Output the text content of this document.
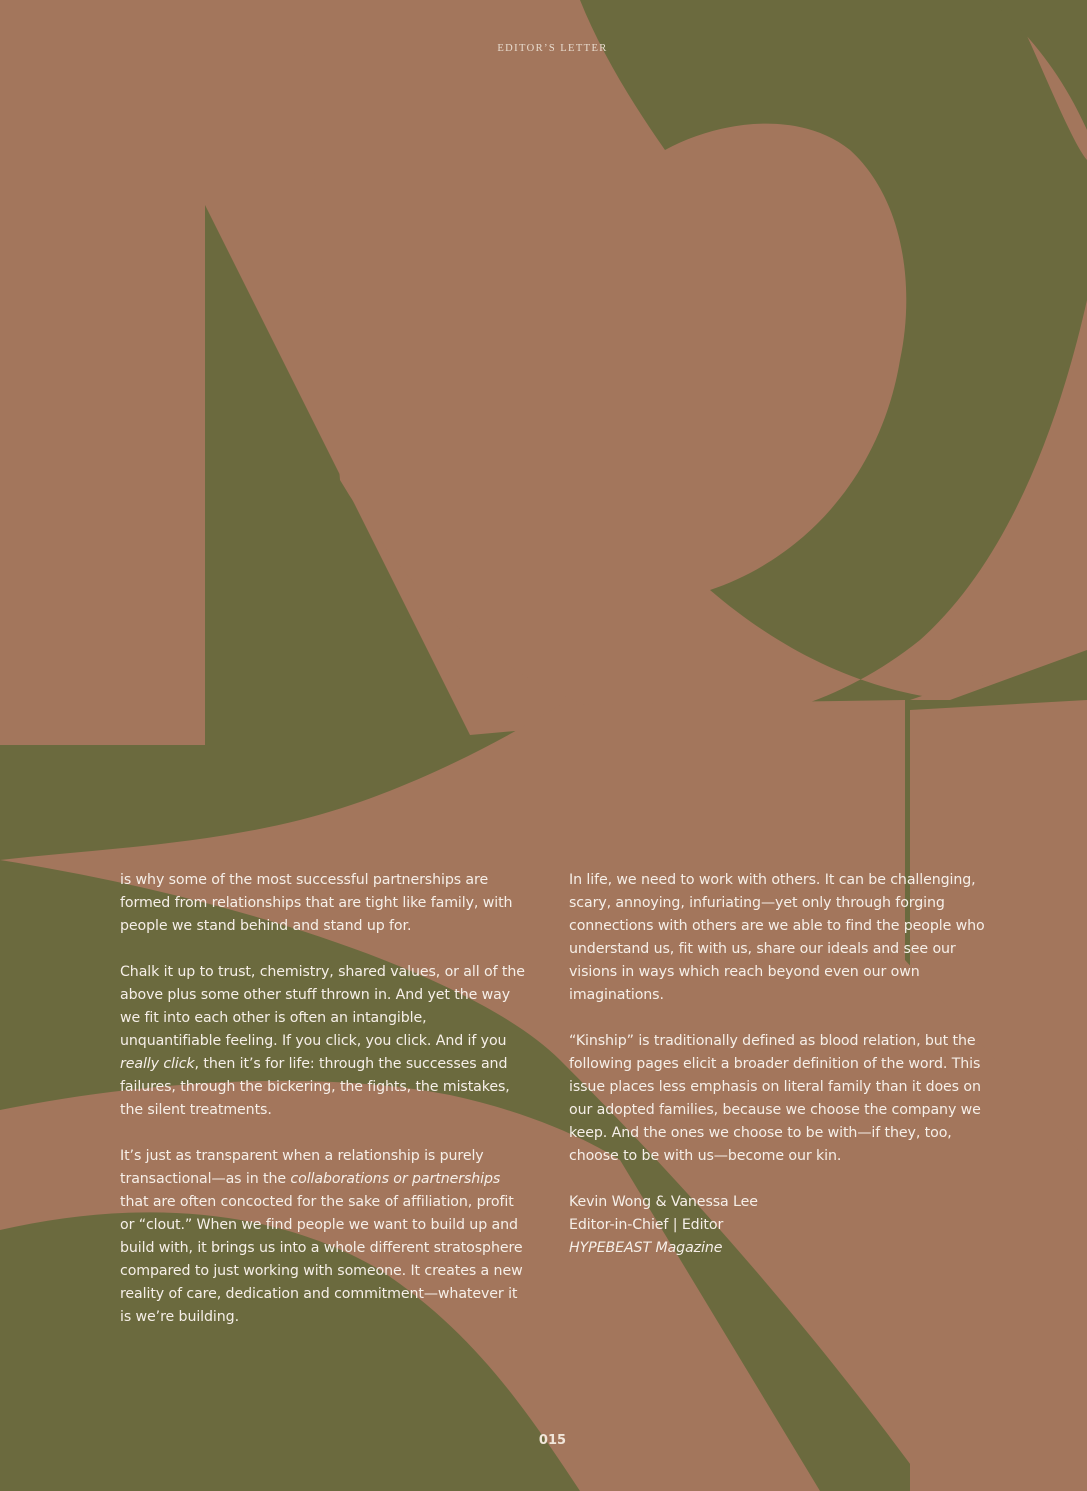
EDITOR’S LETTER

is why some of the most successful partnerships are formed from relationships that are tight like family, with people we stand behind and stand up for.

Chalk it up to trust, chemistry, shared values, or all of the above plus some other stuff thrown in. And yet the way we fit into each other is often an intangible, unquantifiable feeling. If you click, you click. And if you really click, then it’s for life: through the successes and failures, through the bickering, the fights, the mistakes, the silent treatments.

It’s just as transparent when a relationship is purely transactional—as in the collaborations or partnerships that are often concocted for the sake of affiliation, profit or “clout.” When we find people we want to build up and build with, it brings us into a whole different stratosphere compared to just working with someone. It creates a new reality of care, dedication and commitment—whatever it is we’re building.

In life, we need to work with others. It can be challenging, scary, annoying, infuriating—yet only through forging connections with others are we able to find the people who understand us, fit with us, share our ideals and see our visions in ways which reach beyond even our own imaginations.

“Kinship” is traditionally defined as blood relation, but the following pages elicit a broader definition of the word. This issue places less emphasis on literal family than it does on our adopted families, because we choose the company we keep. And the ones we choose to be with—if they, too, choose to be with us—become our kin.

Kevin Wong & Vanessa Lee
Editor-in-Chief | Editor
HYPEBEAST Magazine

015
